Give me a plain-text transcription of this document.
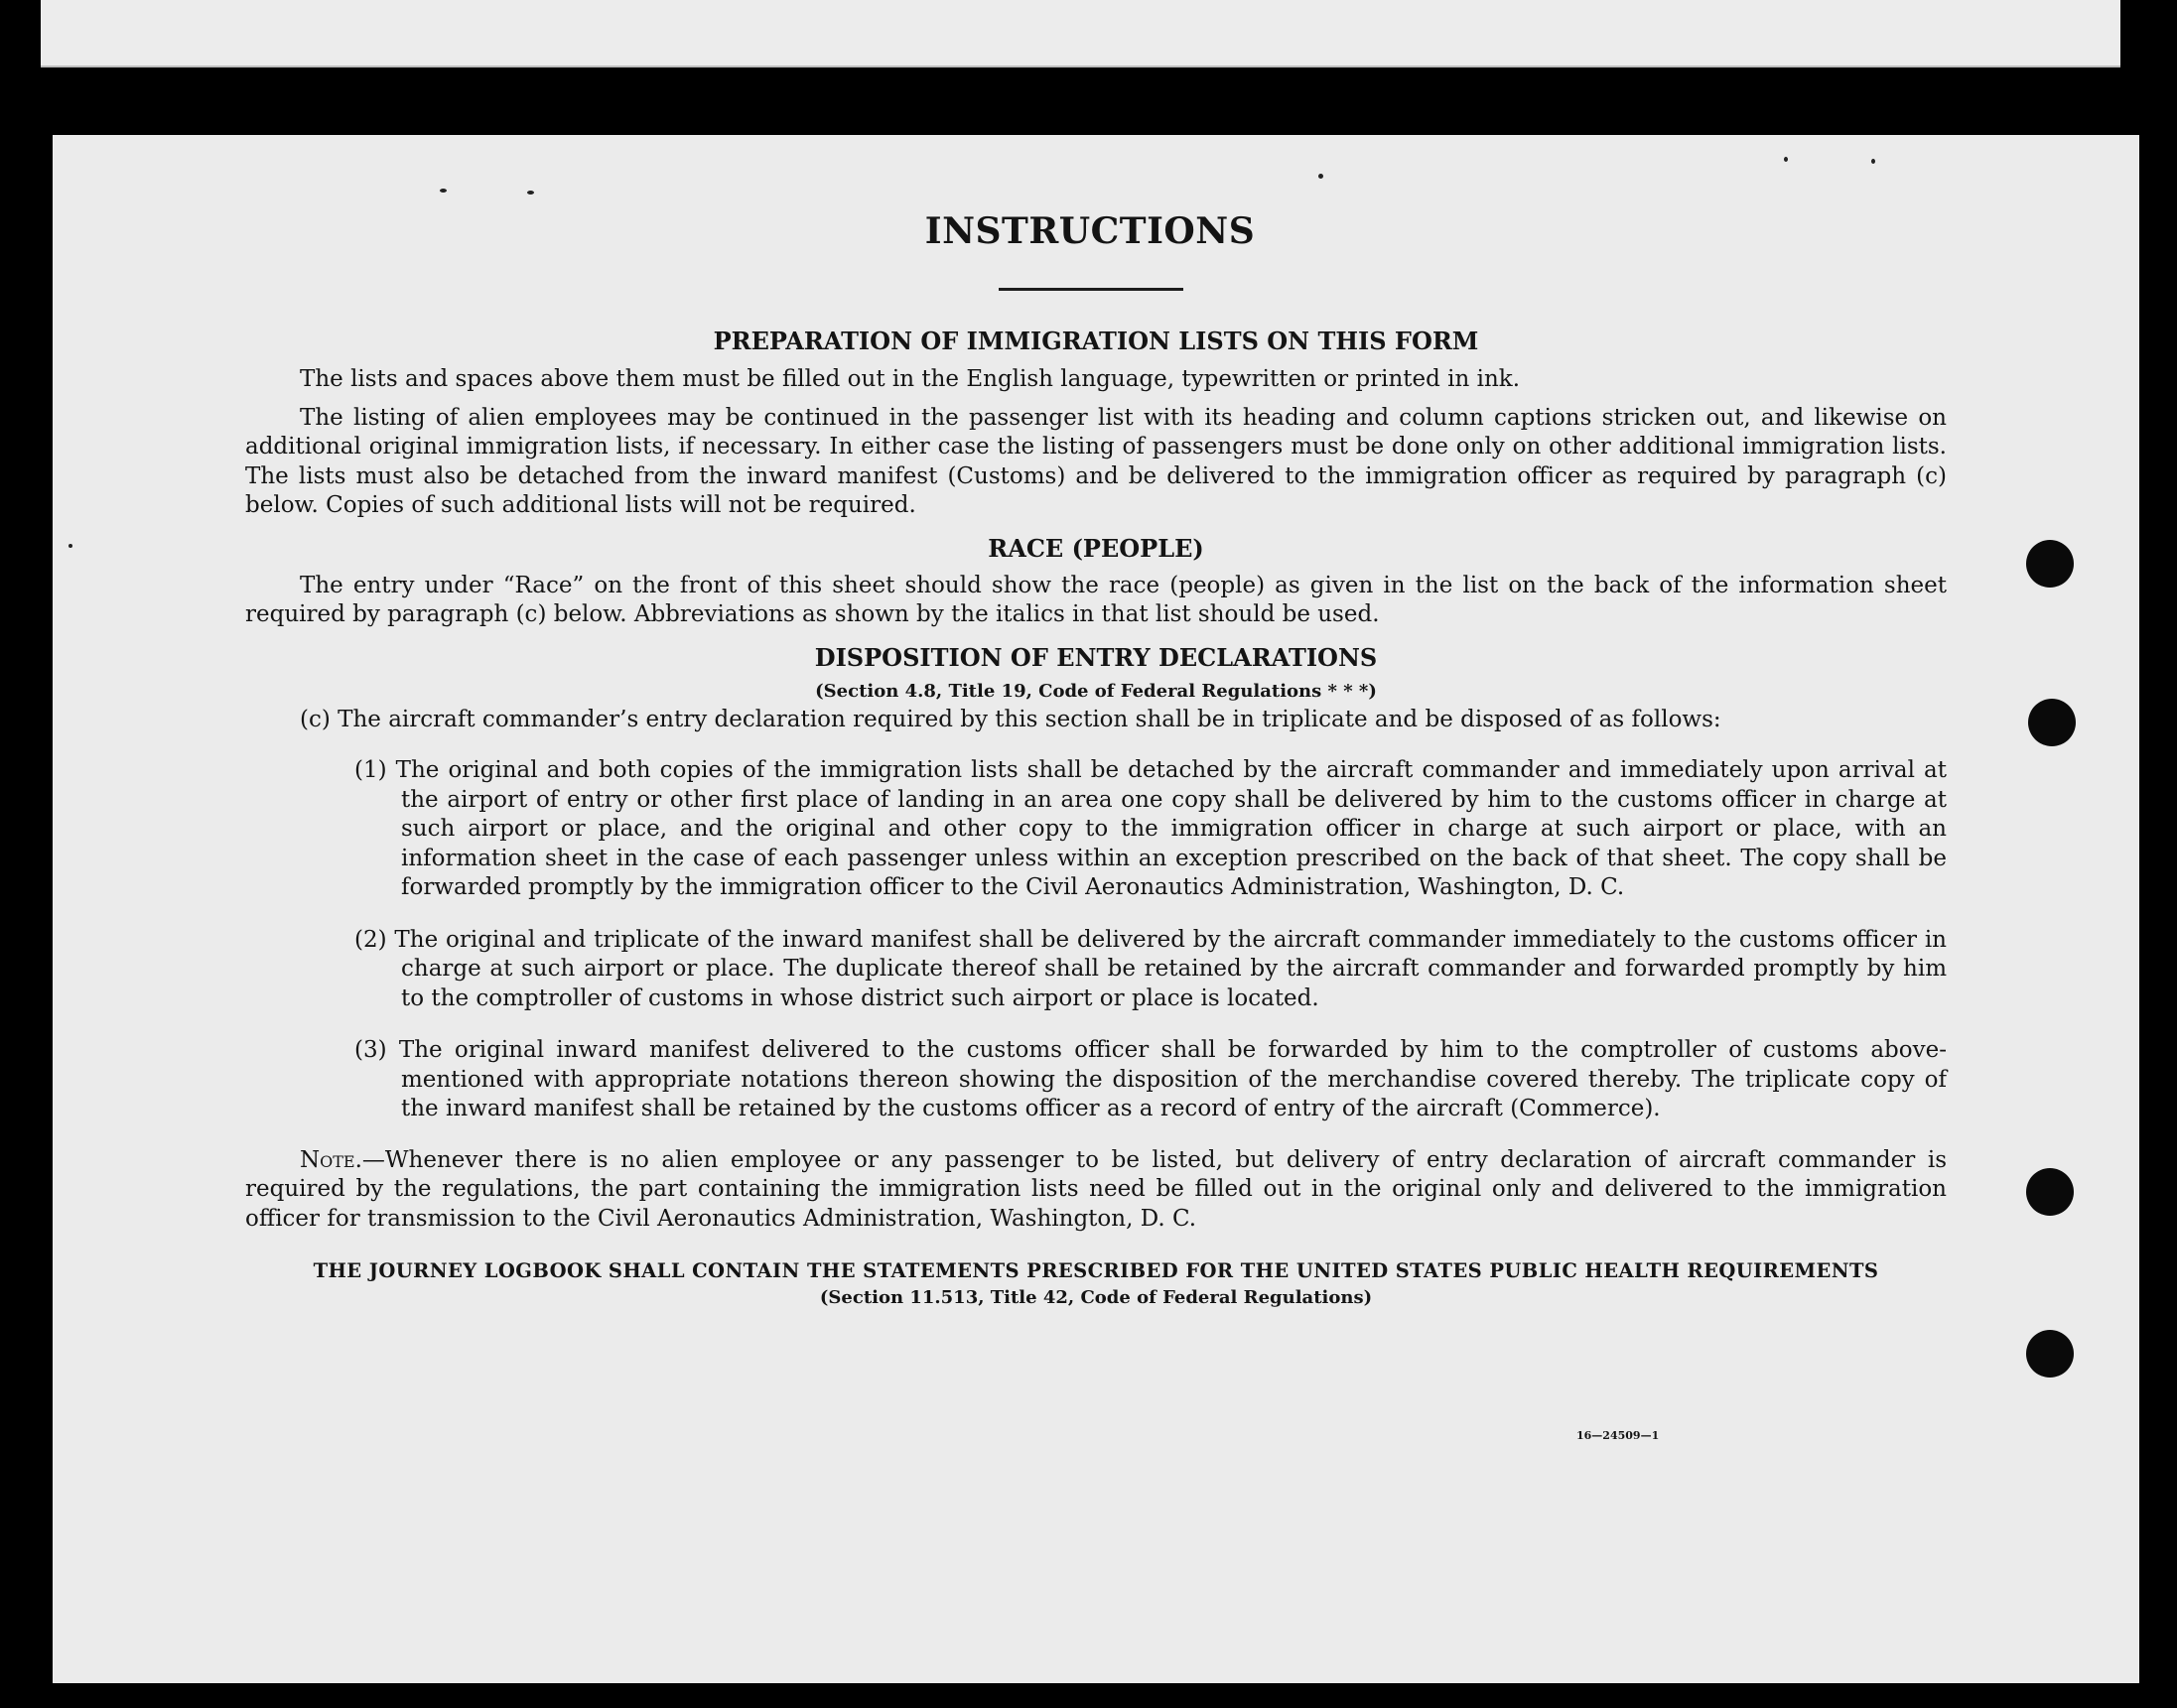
INSTRUCTIONS
PREPARATION OF IMMIGRATION LISTS ON THIS FORM

The lists and spaces above them must be filled out in the English language, typewritten or printed in ink.

The listing of alien employees may be continued in the passenger list with its heading and column captions stricken out, and likewise on additional original immigration lists, if necessary. In either case the listing of passengers must be done only on other additional immigration lists. The lists must also be detached from the inward manifest (Customs) and be delivered to the immigration officer as required by paragraph (c) below. Copies of such additional lists will not be required.

RACE (PEOPLE)

The entry under “Race” on the front of this sheet should show the race (people) as given in the list on the back of the information sheet required by paragraph (c) below. Abbreviations as shown by the italics in that list should be used.

DISPOSITION OF ENTRY DECLARATIONS
(Section 4.8, Title 19, Code of Federal Regulations * * *)

(c) The aircraft commander’s entry declaration required by this section shall be in triplicate and be disposed of as follows:

(1) The original and both copies of the immigration lists shall be detached by the aircraft commander and immediately upon arrival at the airport of entry or other first place of landing in an area one copy shall be delivered by him to the customs officer in charge at such airport or place, and the original and other copy to the immigration officer in charge at such airport or place, with an information sheet in the case of each passenger unless within an exception prescribed on the back of that sheet. The copy shall be forwarded promptly by the immigration officer to the Civil Aeronautics Administration, Washington, D. C.
(2) The original and triplicate of the inward manifest shall be delivered by the aircraft commander immediately to the customs officer in charge at such airport or place. The duplicate thereof shall be retained by the aircraft commander and forwarded promptly by him to the comptroller of customs in whose district such airport or place is located.
(3) The original inward manifest delivered to the customs officer shall be forwarded by him to the comptroller of customs above-mentioned with appropriate notations thereon showing the disposition of the merchandise covered thereby. The triplicate copy of the inward manifest shall be retained by the customs officer as a record of entry of the aircraft (Commerce).

Note.—Whenever there is no alien employee or any passenger to be listed, but delivery of entry declaration of aircraft commander is required by the regulations, the part containing the immigration lists need be filled out in the original only and delivered to the immigration officer for transmission to the Civil Aeronautics Administration, Washington, D. C.

THE JOURNEY LOGBOOK SHALL CONTAIN THE STATEMENTS PRESCRIBED FOR THE UNITED STATES PUBLIC HEALTH REQUIREMENTS
(Section 11.513, Title 42, Code of Federal Regulations)
16—24509—1
